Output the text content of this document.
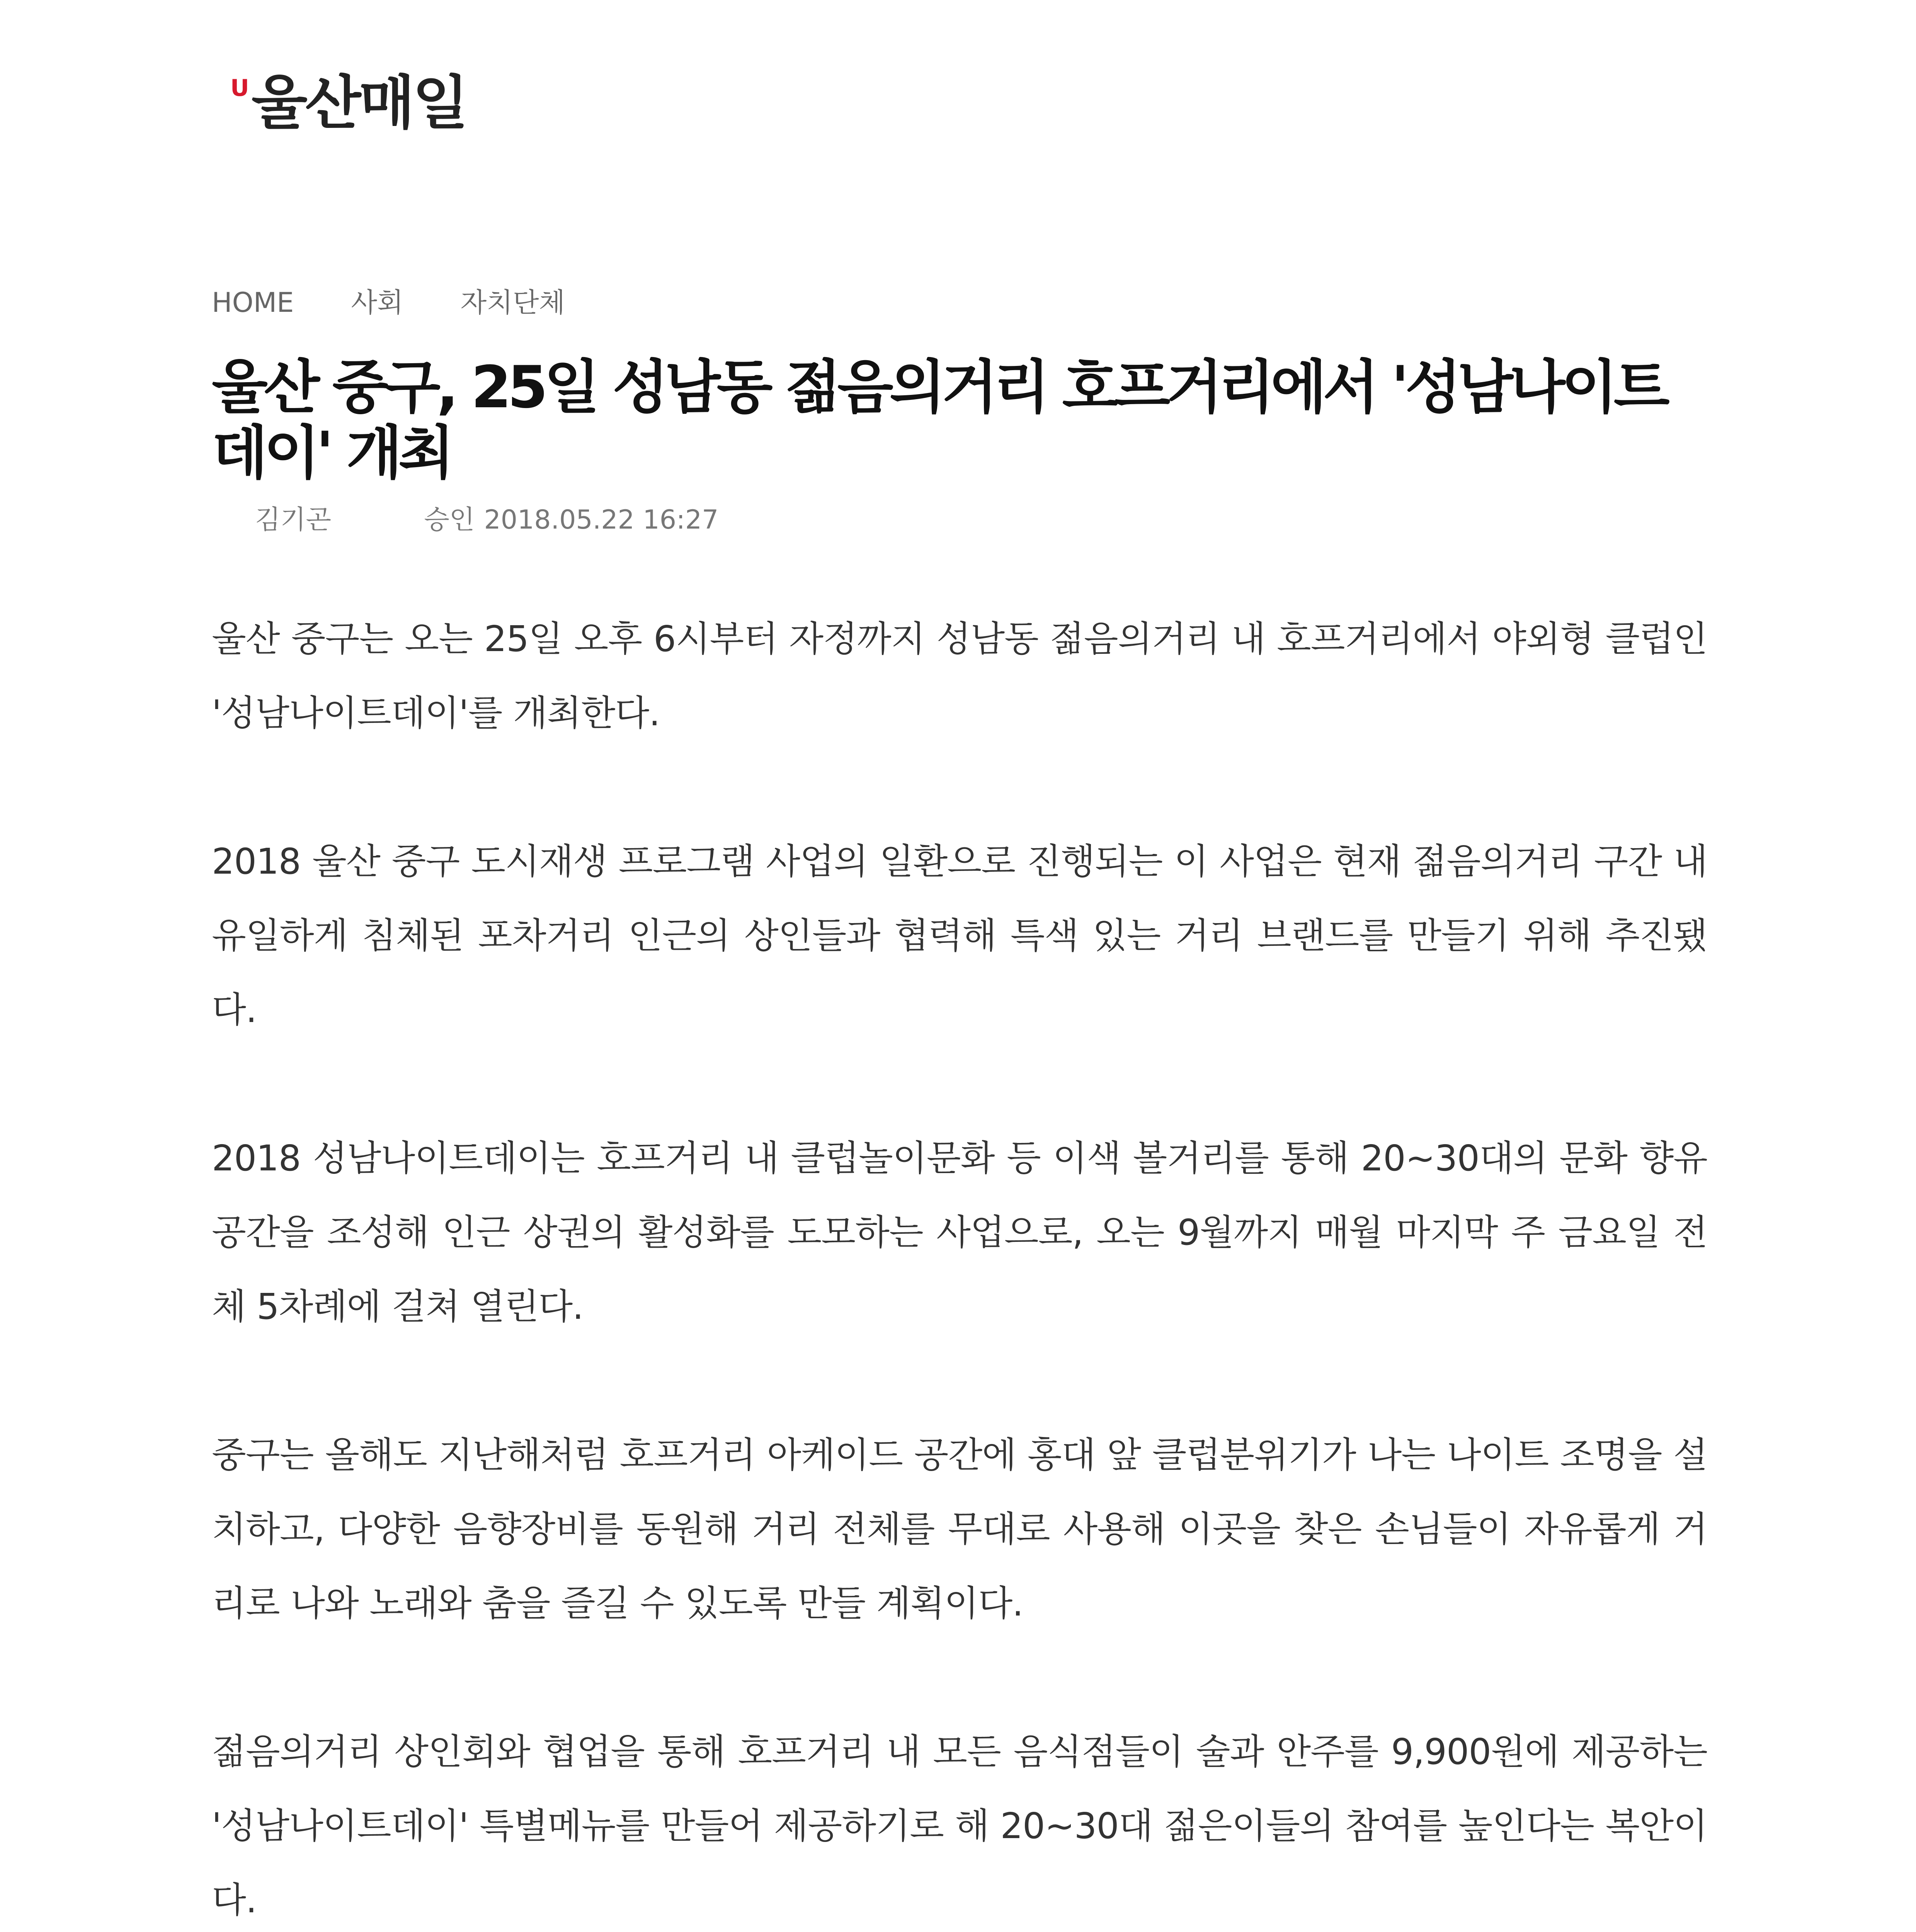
U 울산매일
HOME 사회 자치단체
울산 중구, 25일 성남동 젊음의거리 호프거리에서 '성남나이트데이' 개최
김기곤	승인 2018.05.22 16:27

울산 중구는 오는 25일 오후 6시부터 자정까지 성남동 젊음의거리 내 호프거리에서 야외형 클럽인 '성남나이트데이'를 개최한다.

2018 울산 중구 도시재생 프로그램 사업의 일환으로 진행되는 이 사업은 현재 젊음의거리 구간 내 유일하게 침체된 포차거리 인근의 상인들과 협력해 특색 있는 거리 브랜드를 만들기 위해 추진됐다.

2018 성남나이트데이는 호프거리 내 클럽놀이문화 등 이색 볼거리를 통해 20~30대의 문화 향유 공간을 조성해 인근 상권의 활성화를 도모하는 사업으로, 오는 9월까지 매월 마지막 주 금요일 전체 5차례에 걸쳐 열린다.

중구는 올해도 지난해처럼 호프거리 아케이드 공간에 홍대 앞 클럽분위기가 나는 나이트 조명을 설치하고, 다양한 음향장비를 동원해 거리 전체를 무대로 사용해 이곳을 찾은 손님들이 자유롭게 거리로 나와 노래와 춤을 즐길 수 있도록 만들 계획이다.

젊음의거리 상인회와 협업을 통해 호프거리 내 모든 음식점들이 술과 안주를 9,900원에 제공하는 '성남나이트데이' 특별메뉴를 만들어 제공하기로 해 20~30대 젊은이들의 참여를 높인다는 복안이다.
